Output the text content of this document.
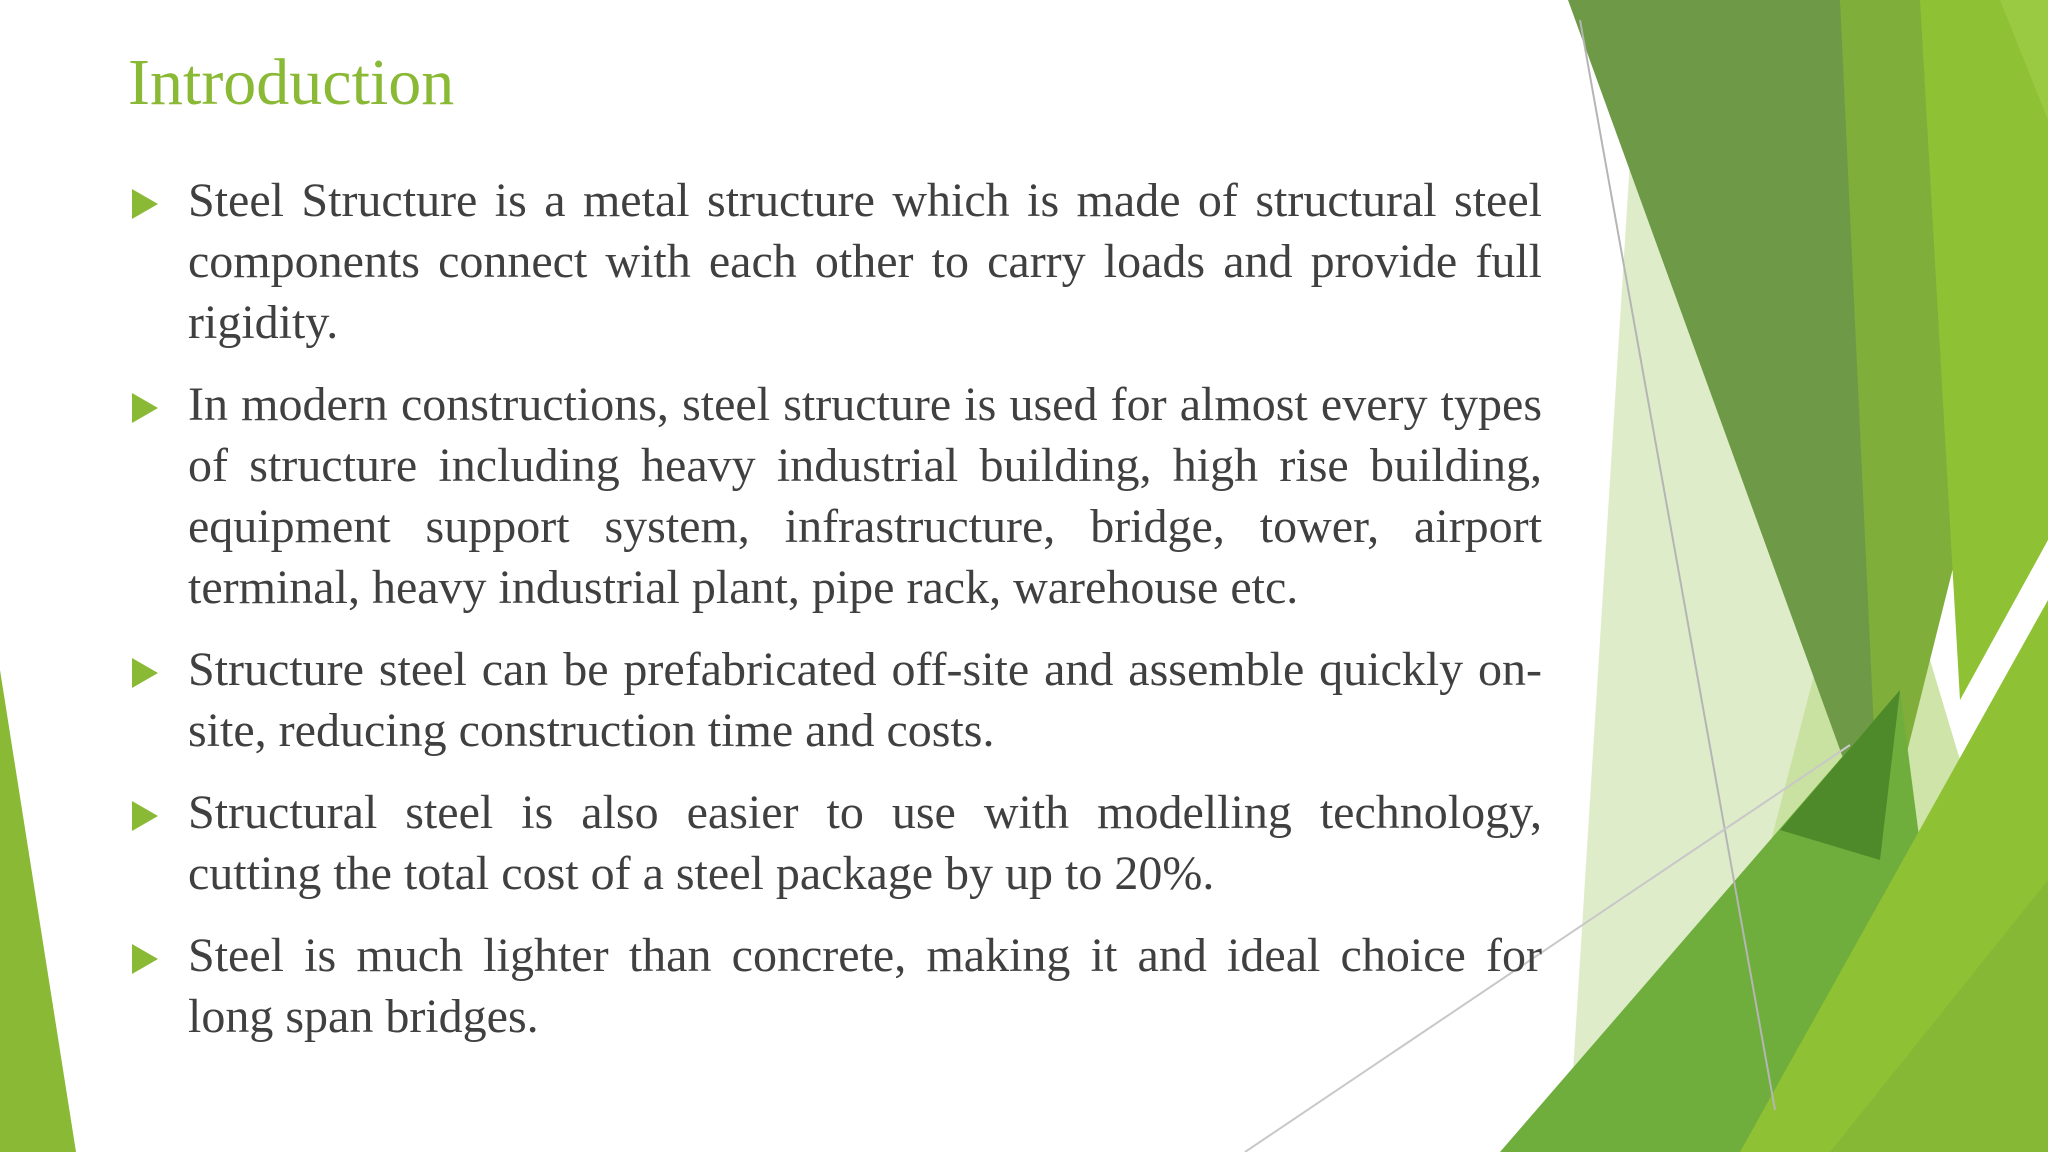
Introduction
Steel Structure is a metal structure which is made of structural steel components connect with each other to carry loads and provide full rigidity.
In modern constructions, steel structure is used for almost every types of structure including heavy industrial building, high rise building, equipment support system, infrastructure, bridge, tower, airport terminal, heavy industrial plant, pipe rack, warehouse etc.
Structure steel can be prefabricated off-site and assemble quickly on-site, reducing construction time and costs.
Structural steel is also easier to use with modelling technology, cutting the total cost of a steel package by up to 20%.
Steel is much lighter than concrete, making it and ideal choice for long span bridges.
